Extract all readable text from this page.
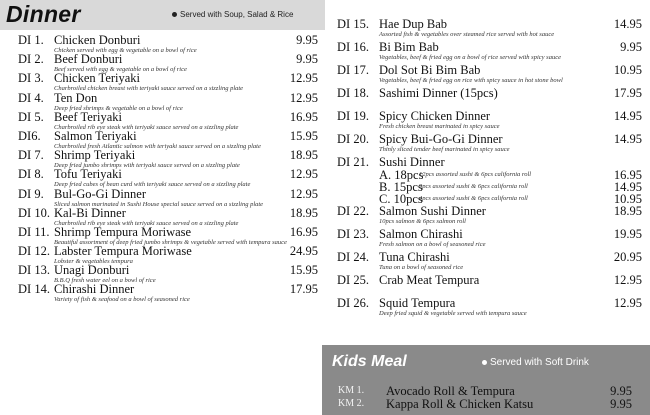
Dinner	Served with Soup, Salad & Rice
DI 1. Chicken Donburi	9.95
Chicken served with egg & vegetable on a bowl of rice
DI 2. Beef Donburi	9.95
Beef served with egg & vegetable on a bowl of rice
DI 3. Chicken Teriyaki	12.95
Charbroiled chicken breast with teriyaki sauce served on a sizzling plate
DI 4. Ten Don	12.95
Deep fried shrimps & vegetable on a bowl of rice
DI 5. Beef Teriyaki	16.95
Charbroiled rib eye steak with teriyaki sauce served on a sizzling plate
DI6.	Salmon Teriyaki	15.95
Charbroiled fresh Atlantic salmon with teriyaki sauce served on a sizzling plate
DI 7. Shrimp Teriyaki	18.95
Deep fried jumbo shrimps with teriyaki sauce served on a sizzling plate
DI 8. Tofu Teriyaki	12.95
Deep fried cubes of bean curd with teriyaki sauce served on a sizzling plate
DI 9. Bul-Go-Gi Dinner	12.95
Sliced salmon marinated in Sushi House special sauce served on a sizzling plate
DI 10. Kal-Bi Dinner	18.95
Charbroiled rib eye steak with teriyaki sauce served on a sizzling plate
DI 11. Shrimp Tempura Moriwase	16.95
Beautiful assortment of deep fried jumbo shrimps & vegetable served with tempura sauce
DI 12. Labster Tempura Moriwase	24.95
Lobster & vegetables tempura
DI 13. Unagi Donburi	15.95
B.B.Q fresh water eel on a bowl of rice
DI 14. Chirashi Dinner	17.95
Variety of fish & seafood on a bowl of seasoned rice
DI 15. Hae Dup Bab	14.95
Assorted fish & vegetables over steamed rice served with hot sauce
DI 16. Bi Bim Bab	9.95
Vegetables, beef & fried egg on a bowl of rice served with spicy sauce
DI 17. Dol Sot Bi Bim Bab	10.95
Vegetables, beef & fried egg on rice with spicy sauce in hot stone bowl
DI 18. Sashimi Dinner (15pcs)	17.95
DI 19. Spicy Chicken Dinner	14.95
Fresh chicken breast marinated in spicy sauce
DI 20. Spicy Bui-Go-Gi Dinner	14.95
Thinly sliced tender beef marinated in spicy sauce
DI 21. Sushi Dinner
A. 18pcs
12pcs assorted sushi & 6pcs california roll	16.95
B. 15pcs
9pcs assorted sushi & 6pcs california roll	14.95
C. 10pcs
4pcs assorted sushi & 6pcs california roll	10.95
DI 22. Salmon Sushi Dinner	18.95
10pcs salmon & 6pcs salmon roll
DI 23. Salmon Chirashi	19.95
Fresh salmon on a bowl of seasoned rice
DI 24. Tuna Chirashi	20.95
Tuna on a bowl of seasoned rice
DI 25. Crab Meat Tempura	12.95
DI 26. Squid Tempura	12.95
Deep fried squid & vegetable served with tempura sauce
Kids Meal	Served with Soft Drink
KM 1.	Avocado Roll & Tempura	9.95
KM 2.	Kappa Roll & Chicken Katsu	9.95
